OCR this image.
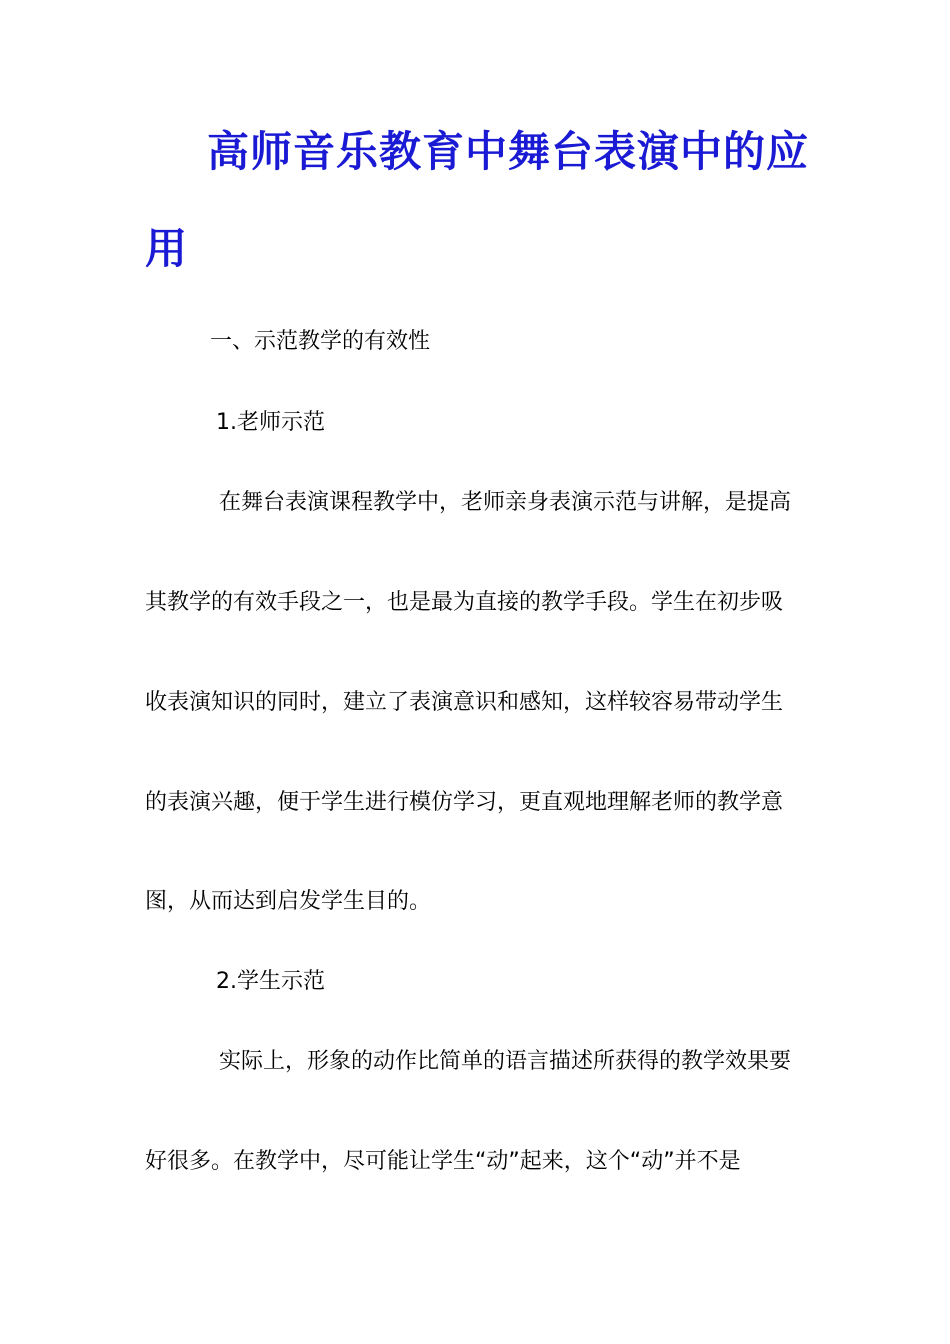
高师音乐教育中舞台表演中的应
用
一、示范教学的有效性
1.老师示范
在舞台表演课程教学中，老师亲身表演示范与讲解，是提高
其教学的有效手段之一，也是最为直接的教学手段。学生在初步吸
收表演知识的同时，建立了表演意识和感知，这样较容易带动学生
的表演兴趣，便于学生进行模仿学习，更直观地理解老师的教学意
图，从而达到启发学生目的。
2.学生示范
实际上，形象的动作比简单的语言描述所获得的教学效果要
好很多。在教学中，尽可能让学生“动”起来，这个“动”并不是
